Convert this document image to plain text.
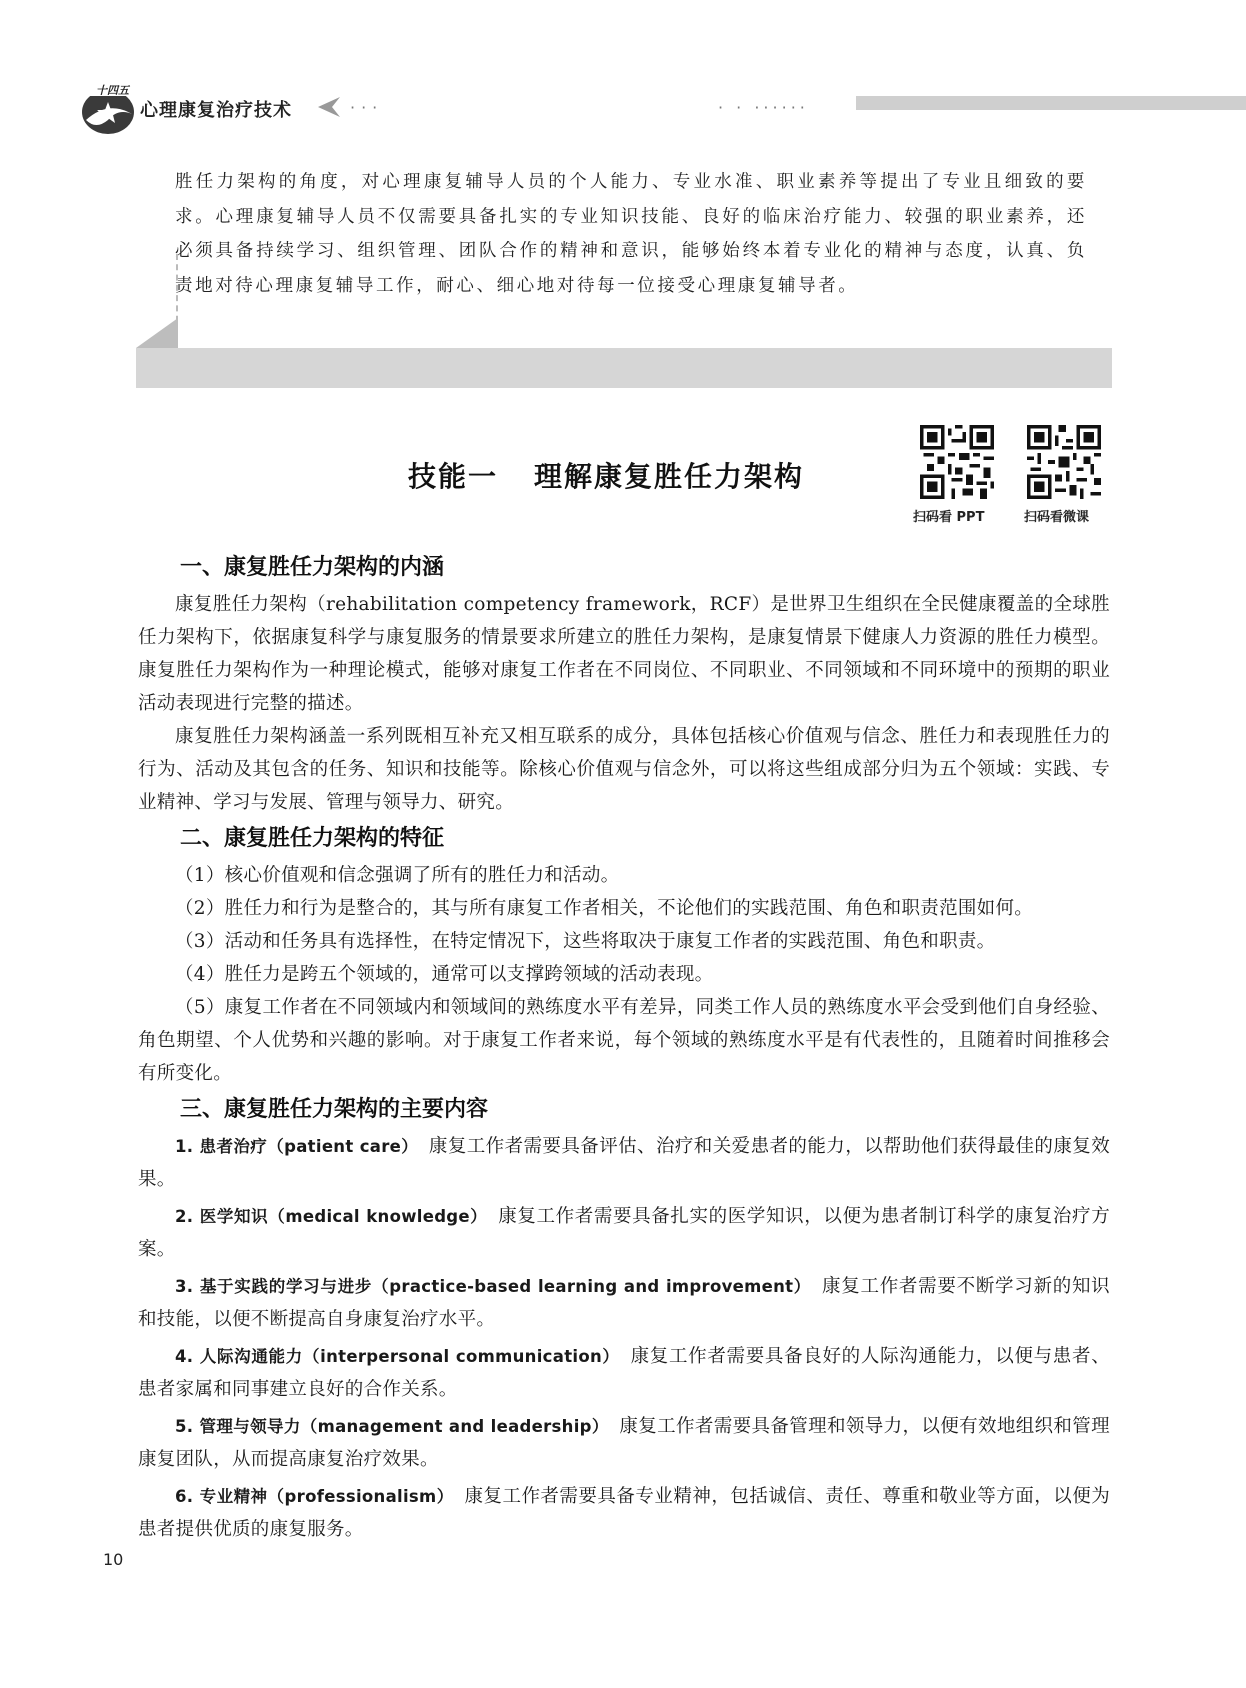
十四五
心理康复治疗技术	···	· · ······

胜任力架构的角度，对心理康复辅导人员的个人能力、专业水准、职业素养等提出了专业且细致的要求。心理康复辅导人员不仅需要具备扎实的专业知识技能、良好的临床治疗能力、较强的职业素养，还必须具备持续学习、组织管理、团队合作的精神和意识，能够始终本着专业化的精神与态度，认真、负责地对待心理康复辅导工作，耐心、细心地对待每一位接受心理康复辅导者。

技能一 理解康复胜任力架构
扫码看 PPT	扫码看微课
一、康复胜任力架构的内涵

康复胜任力架构（rehabilitation competency framework，RCF）是世界卫生组织在全民健康覆盖的全球胜任力架构下，依据康复科学与康复服务的情景要求所建立的胜任力架构，是康复情景下健康人力资源的胜任力模型。康复胜任力架构作为一种理论模式，能够对康复工作者在不同岗位、不同职业、不同领域和不同环境中的预期的职业活动表现进行完整的描述。

康复胜任力架构涵盖一系列既相互补充又相互联系的成分，具体包括核心价值观与信念、胜任力和表现胜任力的行为、活动及其包含的任务、知识和技能等。除核心价值观与信念外，可以将这些组成部分归为五个领域：实践、专业精神、学习与发展、管理与领导力、研究。

二、康复胜任力架构的特征

（1）核心价值观和信念强调了所有的胜任力和活动。

（2）胜任力和行为是整合的，其与所有康复工作者相关，不论他们的实践范围、角色和职责范围如何。

（3）活动和任务具有选择性，在特定情况下，这些将取决于康复工作者的实践范围、角色和职责。

（4）胜任力是跨五个领域的，通常可以支撑跨领域的活动表现。

（5）康复工作者在不同领域内和领域间的熟练度水平有差异，同类工作人员的熟练度水平会受到他们自身经验、角色期望、个人优势和兴趣的影响。对于康复工作者来说，每个领域的熟练度水平是有代表性的，且随着时间推移会有所变化。

三、康复胜任力架构的主要内容

1. 患者治疗（patient care）　 康复工作者需要具备评估、治疗和关爱患者的能力，以帮助他们获得最佳的康复效果。

2. 医学知识（medical knowledge）　 康复工作者需要具备扎实的医学知识，以便为患者制订科学的康复治疗方案。

3. 基于实践的学习与进步（practice-based learning and improvement）　 康复工作者需要不断学习新的知识和技能，以便不断提高自身康复治疗水平。

4. 人际沟通能力（interpersonal communication）　 康复工作者需要具备良好的人际沟通能力，以便与患者、患者家属和同事建立良好的合作关系。

5. 管理与领导力（management and leadership）　 康复工作者需要具备管理和领导力，以便有效地组织和管理康复团队，从而提高康复治疗效果。

6. 专业精神（professionalism）　 康复工作者需要具备专业精神，包括诚信、责任、尊重和敬业等方面，以便为患者提供优质的康复服务。

10
